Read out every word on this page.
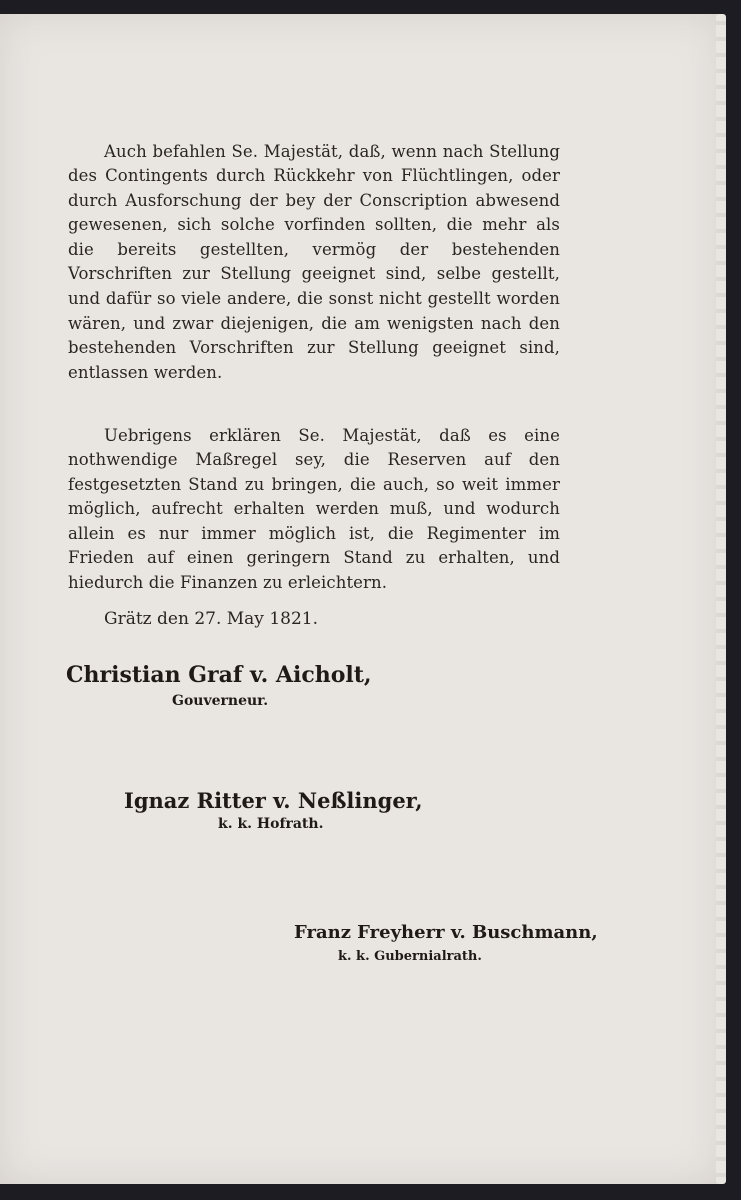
Auch befahlen Se. Majestät, daß, wenn nach Stellung des Contingents durch Rückkehr von Flüchtlingen, oder durch Ausforschung der bey der Conscription abwesend gewesenen, sich solche vorfinden sollten, die mehr als die bereits gestellten, vermög der bestehenden Vorschriften zur Stellung geeignet sind, selbe gestellt, und dafür so viele andere, die sonst nicht gestellt worden wären, und zwar diejenigen, die am wenigsten nach den bestehenden Vorschriften zur Stellung geeignet sind, entlassen werden.

Uebrigens erklären Se. Majestät, daß es eine nothwendige Maßregel sey, die Reserven auf den festgesetzten Stand zu bringen, die auch, so weit immer möglich, aufrecht erhalten werden muß, und wodurch allein es nur immer möglich ist, die Regimenter im Frieden auf einen geringern Stand zu erhalten, und hiedurch die Finanzen zu erleichtern.

Grätz den 27. May 1821.
Christian Graf v. Aicholt,
Gouverneur.
Ignaz Ritter v. Neßlinger,
k. k. Hofrath.
Franz Freyherr v. Buschmann,
k. k. Gubernialrath.
